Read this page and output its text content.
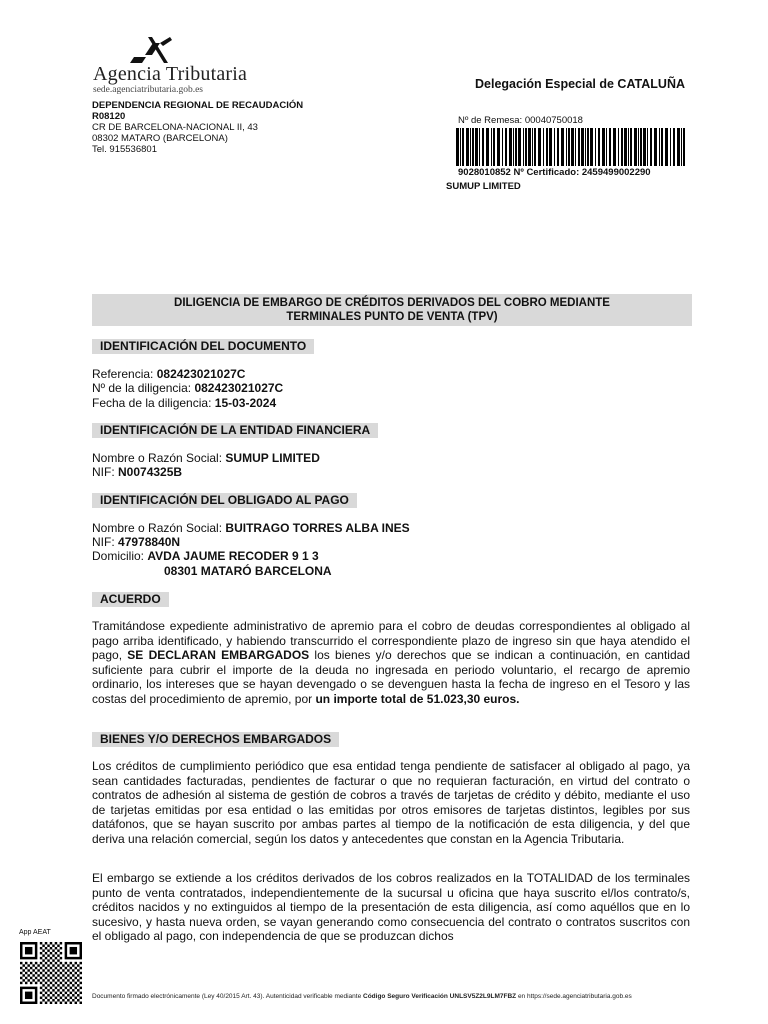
Agencia Tributaria
sede.agenciatributaria.gob.es	Delegación Especial de CATALUÑA
DEPENDENCIA REGIONAL DE RECAUDACIÓN
R08120
CR DE BARCELONA-NACIONAL II, 43
08302 MATARO (BARCELONA)
Tel. 915536801
Nº de Remesa: 00040750018
9028010852 Nº Certificado: 2459499002290
SUMUP LIMITED
DILIGENCIA DE EMBARGO DE CRÉDITOS DERIVADOS DEL COBRO MEDIANTE
TERMINALES PUNTO DE VENTA (TPV)
IDENTIFICACIÓN DEL DOCUMENTO
Referencia: 082423021027C
Nº de la diligencia: 082423021027C
Fecha de la diligencia: 15-03-2024
IDENTIFICACIÓN DE LA ENTIDAD FINANCIERA
Nombre o Razón Social: SUMUP LIMITED
NIF: N0074325B
IDENTIFICACIÓN DEL OBLIGADO AL PAGO
Nombre o Razón Social: BUITRAGO TORRES ALBA INES
NIF: 47978840N
Domicilio: AVDA JAUME RECODER 9 1 3
08301 MATARÓ BARCELONA
ACUERDO
Tramitándose expediente administrativo de apremio para el cobro de deudas correspondientes al obligado al pago arriba identificado, y habiendo transcurrido el correspondiente plazo de ingreso sin que haya atendido el pago, SE DECLARAN EMBARGADOS los bienes y/o derechos que se indican a continuación, en cantidad suficiente para cubrir el importe de la deuda no ingresada en periodo voluntario, el recargo de apremio ordinario, los intereses que se hayan devengado o se devenguen hasta la fecha de ingreso en el Tesoro y las costas del procedimiento de apremio, por un importe total de 51.023,30 euros.
BIENES Y/O DERECHOS EMBARGADOS
Los créditos de cumplimiento periódico que esa entidad tenga pendiente de satisfacer al obligado al pago, ya sean cantidades facturadas, pendientes de facturar o que no requieran facturación, en virtud del contrato o contratos de adhesión al sistema de gestión de cobros a través de tarjetas de crédito y débito, mediante el uso de tarjetas emitidas por esa entidad o las emitidas por otros emisores de tarjetas distintos, legibles por sus datáfonos, que se hayan suscrito por ambas partes al tiempo de la notificación de esta diligencia, y del que deriva una relación comercial, según los datos y antecedentes que constan en la Agencia Tributaria.
El embargo se extiende a los créditos derivados de los cobros realizados en la TOTALIDAD de los terminales punto de venta contratados, independientemente de la sucursal u oficina que haya suscrito el/los contrato/s, créditos nacidos y no extinguidos al tiempo de la presentación de esta diligencia, así como aquéllos que en lo sucesivo, y hasta nueva orden, se vayan generando como consecuencia del contrato o contratos suscritos con el obligado al pago, con independencia de que se produzcan dichos
App AEAT
Documento firmado electrónicamente (Ley 40/2015 Art. 43). Autenticidad verificable mediante Código Seguro Verificación UNLSV5Z2L9LM7FBZ en https://sede.agenciatributaria.gob.es
